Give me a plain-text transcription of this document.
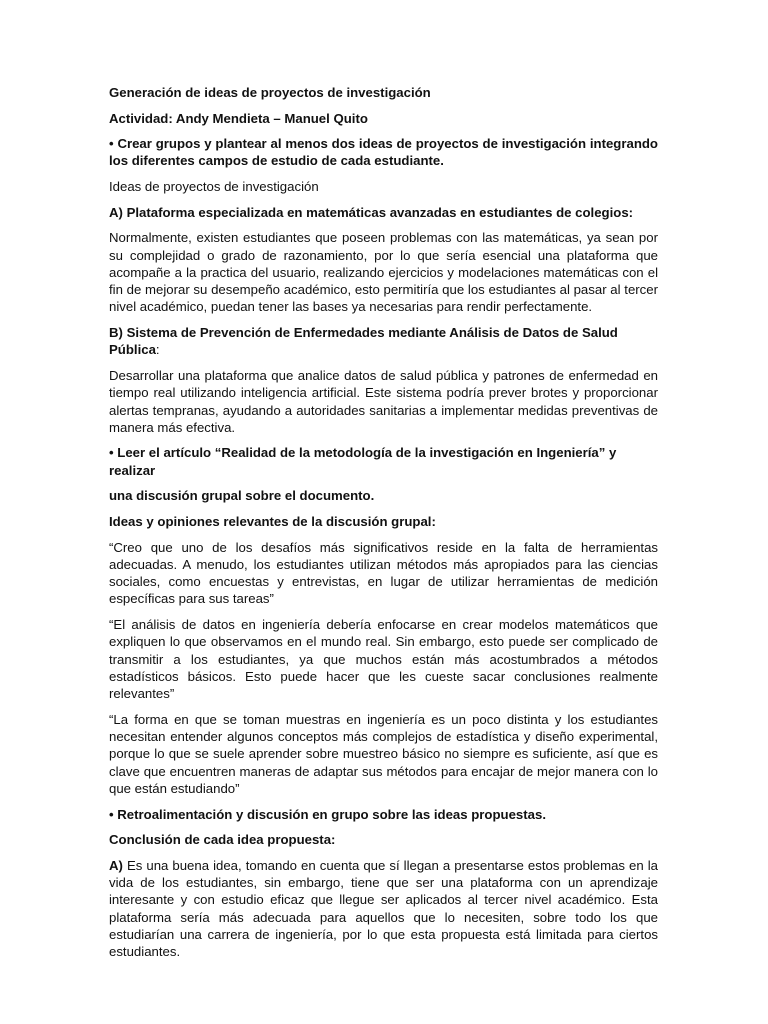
Generación de ideas de proyectos de investigación
Actividad: Andy Mendieta – Manuel Quito
• Crear grupos y plantear al menos dos ideas de proyectos de investigación integrando los diferentes campos de estudio de cada estudiante.
Ideas de proyectos de investigación
A) Plataforma especializada en matemáticas avanzadas en estudiantes de colegios:
Normalmente, existen estudiantes que poseen problemas con las matemáticas, ya sean por su complejidad o grado de razonamiento, por lo que sería esencial una plataforma que acompañe a la practica del usuario, realizando ejercicios y modelaciones matemáticas con el fin de mejorar su desempeño académico, esto permitiría que los estudiantes al pasar al tercer nivel académico, puedan tener las bases ya necesarias para rendir perfectamente.
B) Sistema de Prevención de Enfermedades mediante Análisis de Datos de Salud Pública:
Desarrollar una plataforma que analice datos de salud pública y patrones de enfermedad en tiempo real utilizando inteligencia artificial. Este sistema podría prever brotes y proporcionar alertas tempranas, ayudando a autoridades sanitarias a implementar medidas preventivas de manera más efectiva.
• Leer el artículo “Realidad de la metodología de la investigación en Ingeniería” y realizar
una discusión grupal sobre el documento.
Ideas y opiniones relevantes de la discusión grupal:
“Creo que uno de los desafíos más significativos reside en la falta de herramientas adecuadas. A menudo, los estudiantes utilizan métodos más apropiados para las ciencias sociales, como encuestas y entrevistas, en lugar de utilizar herramientas de medición específicas para sus tareas”
“El análisis de datos en ingeniería debería enfocarse en crear modelos matemáticos que expliquen lo que observamos en el mundo real. Sin embargo, esto puede ser complicado de transmitir a los estudiantes, ya que muchos están más acostumbrados a métodos estadísticos básicos. Esto puede hacer que les cueste sacar conclusiones realmente relevantes”
“La forma en que se toman muestras en ingeniería es un poco distinta y los estudiantes necesitan entender algunos conceptos más complejos de estadística y diseño experimental, porque lo que se suele aprender sobre muestreo básico no siempre es suficiente, así que es clave que encuentren maneras de adaptar sus métodos para encajar de mejor manera con lo que están estudiando”
• Retroalimentación y discusión en grupo sobre las ideas propuestas.
Conclusión de cada idea propuesta:
A) Es una buena idea, tomando en cuenta que sí llegan a presentarse estos problemas en la vida de los estudiantes, sin embargo, tiene que ser una plataforma con un aprendizaje interesante y con estudio eficaz que llegue ser aplicados al tercer nivel académico. Esta plataforma sería más adecuada para aquellos que lo necesiten, sobre todo los que estudiarían una carrera de ingeniería, por lo que esta propuesta está limitada para ciertos estudiantes.
